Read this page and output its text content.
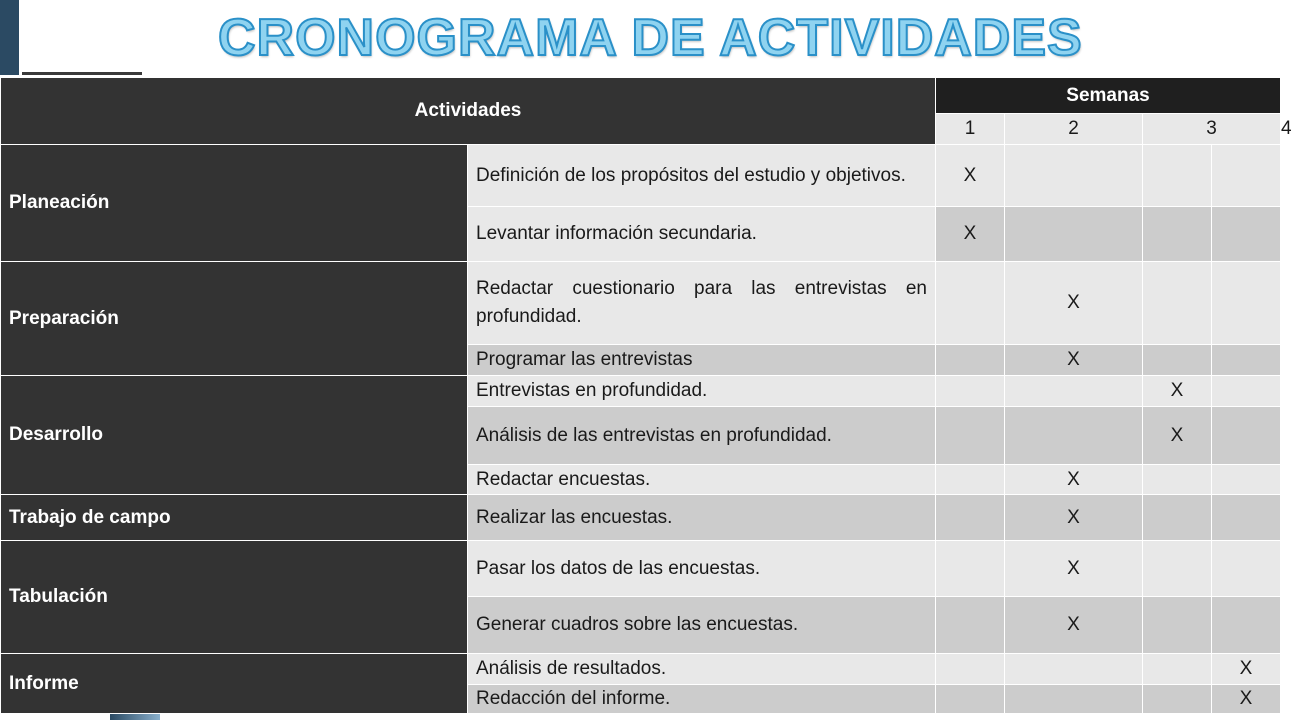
CRONOGRAMA DE ACTIVIDADES
Actividades		Semanas				
		1	2	3		4
Planeación	Definición de los propósitos del estudio y objetivos.	X				
	Levantar información secundaria.	X				
Preparación	Redactar cuestionario para las entrevistas en profundidad.		X			
	Programar las entrevistas		X			
Desarrollo	Entrevistas en profundidad.			X		
	Análisis de las entrevistas en profundidad.			X		
	Redactar encuestas.		X			
Trabajo de campo	Realizar las encuestas.		X			
Tabulación	Pasar los datos de las encuestas.		X			
	Generar cuadros sobre las encuestas.		X			
Informe	Análisis de resultados.				X	
	Redacción del informe.				X	
